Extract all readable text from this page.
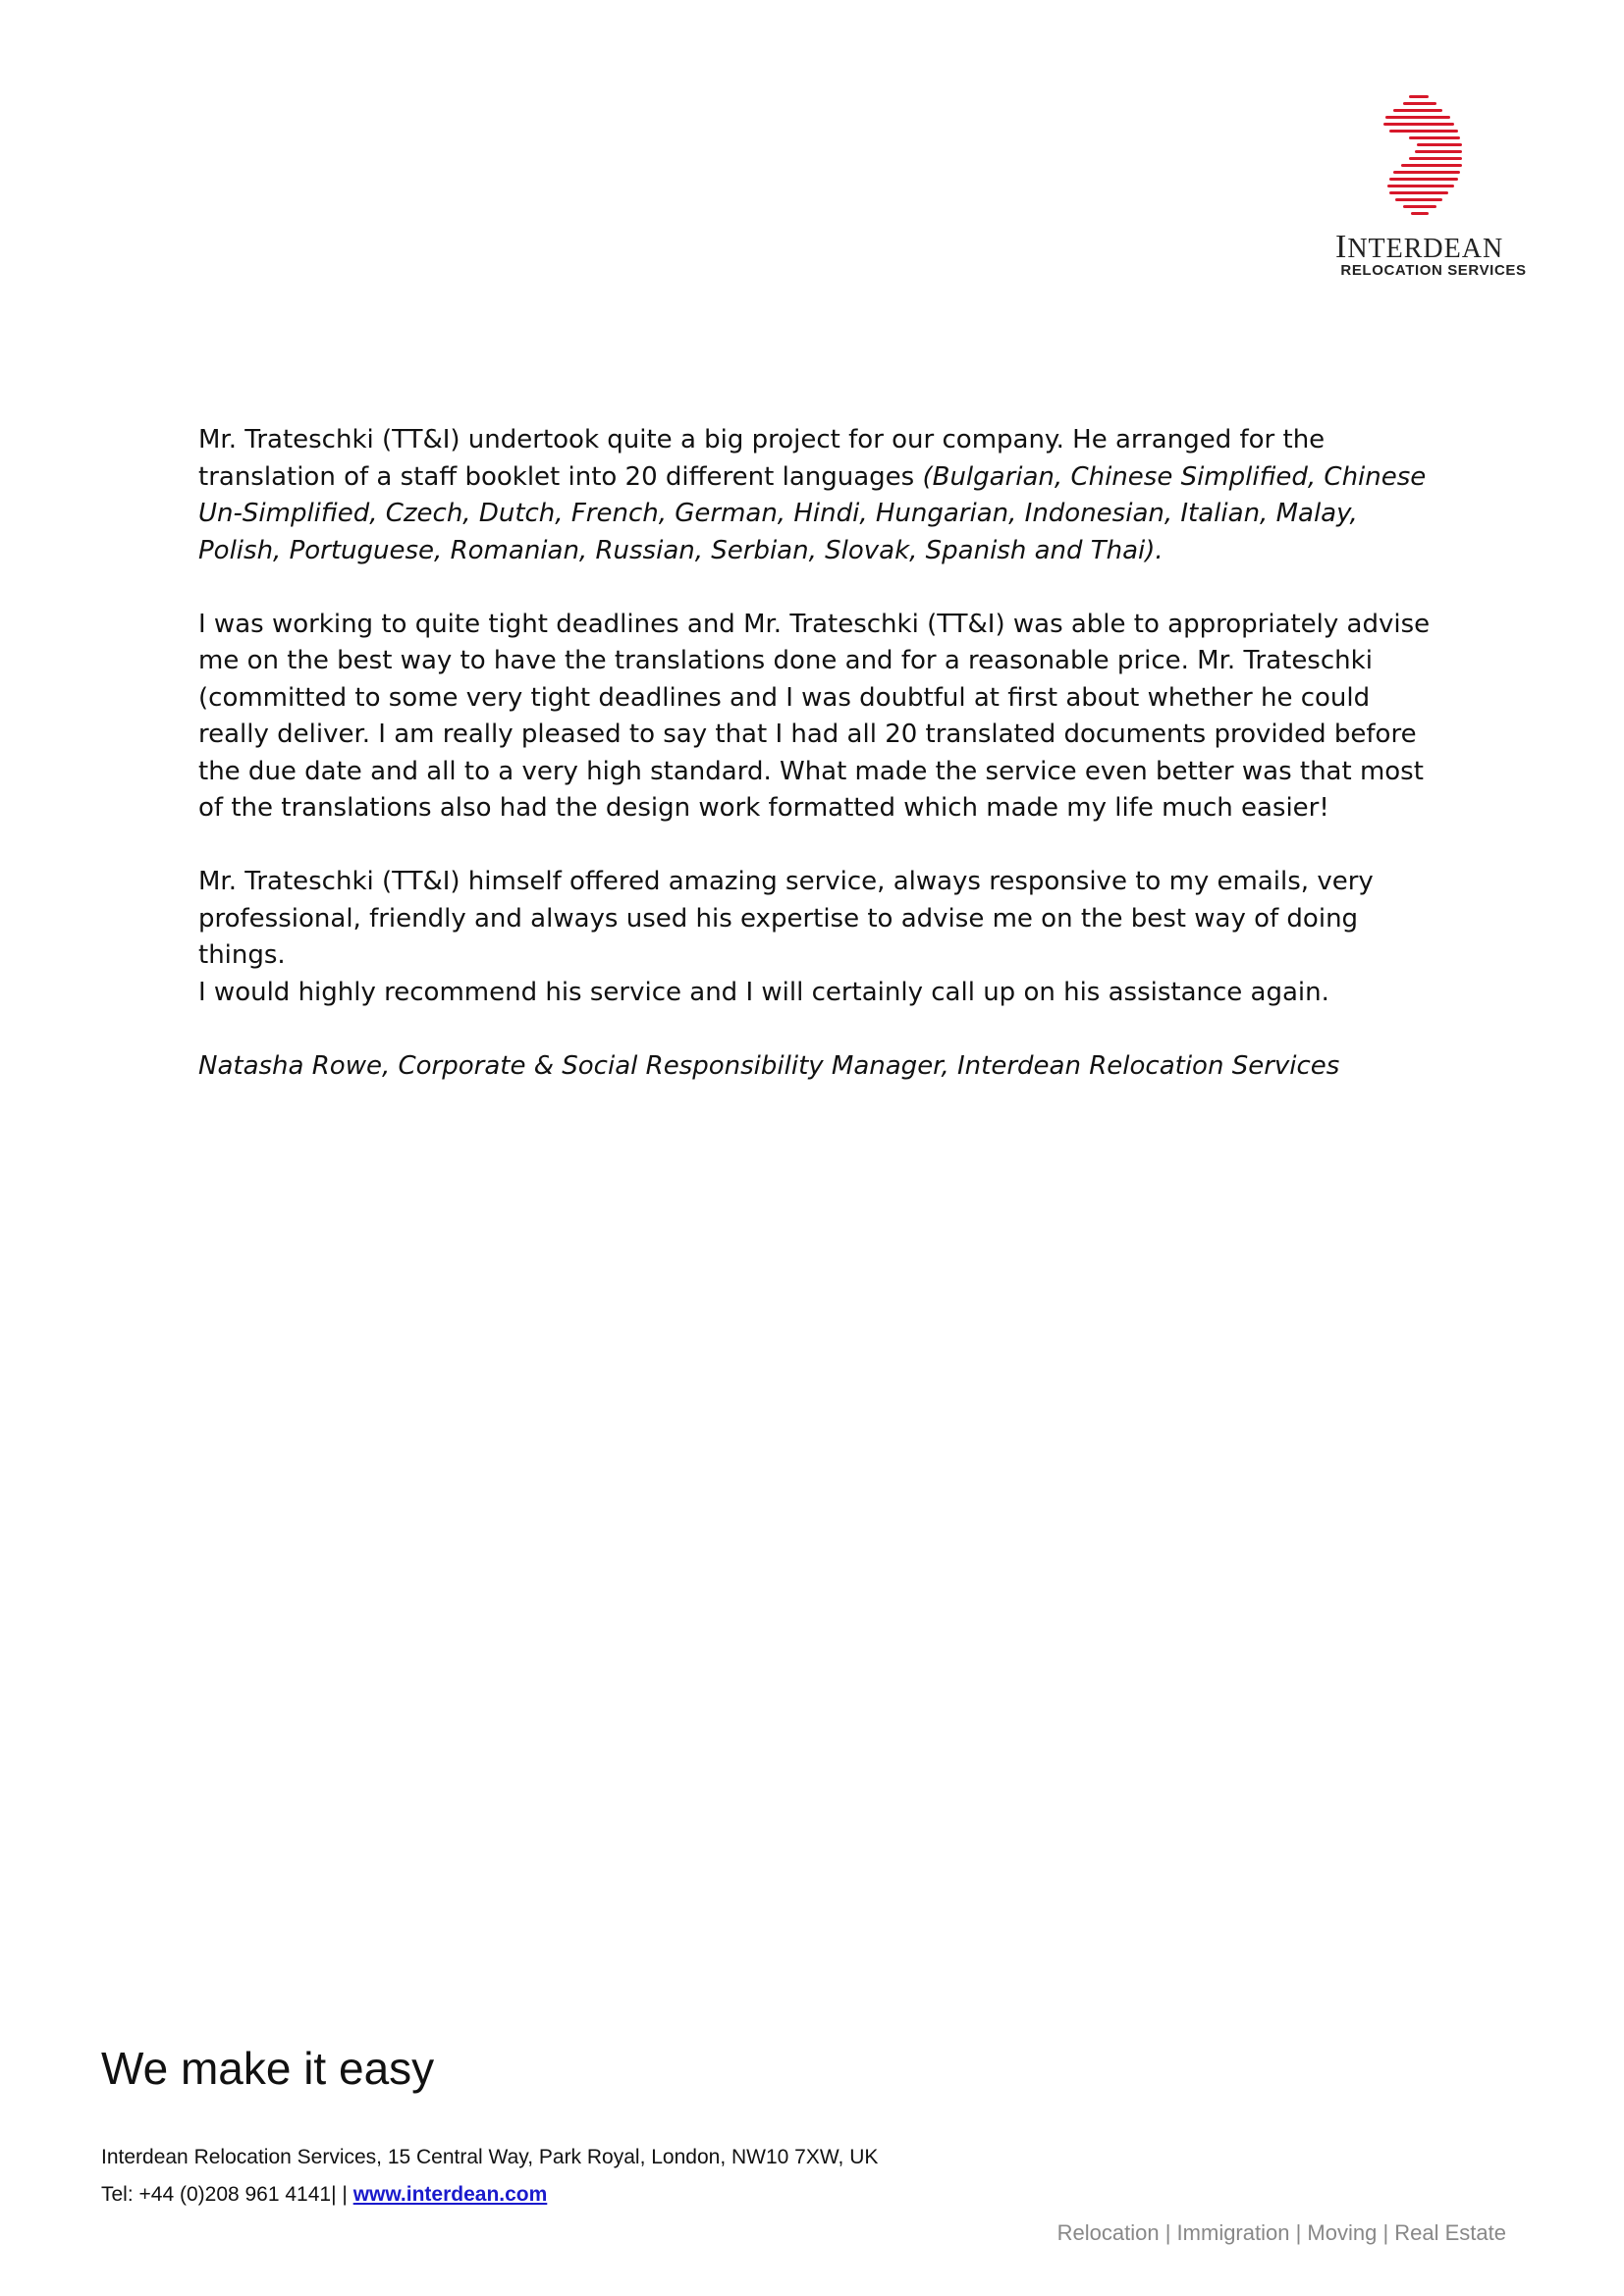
INTERDEAN
RELOCATION SERVICES

Mr. Trateschki (TT&I) undertook quite a big project for our company. He arranged for the translation of a staff booklet into 20 different languages (Bulgarian, Chinese Simplified, Chinese Un-Simplified, Czech, Dutch, French, German, Hindi, Hungarian, Indonesian, Italian, Malay, Polish, Portuguese, Romanian, Russian, Serbian, Slovak, Spanish and Thai).

I was working to quite tight deadlines and Mr. Trateschki (TT&I) was able to appropriately advise me on the best way to have the translations done and for a reasonable price. Mr. Trateschki (committed to some very tight deadlines and I was doubtful at first about whether he could really deliver. I am really pleased to say that I had all 20 translated documents provided before the due date and all to a very high standard. What made the service even better was that most of the translations also had the design work formatted which made my life much easier!

Mr. Trateschki (TT&I) himself offered amazing service, always responsive to my emails, very professional, friendly and always used his expertise to advise me on the best way of doing things.
I would highly recommend his service and I will certainly call up on his assistance again.

Natasha Rowe, Corporate & Social Responsibility Manager, Interdean Relocation Services

We make it easy
Interdean Relocation Services, 15 Central Way, Park Royal, London, NW10 7XW, UK
Tel: +44 (0)208 961 4141| | www.interdean.com
Relocation | Immigration | Moving | Real Estate
